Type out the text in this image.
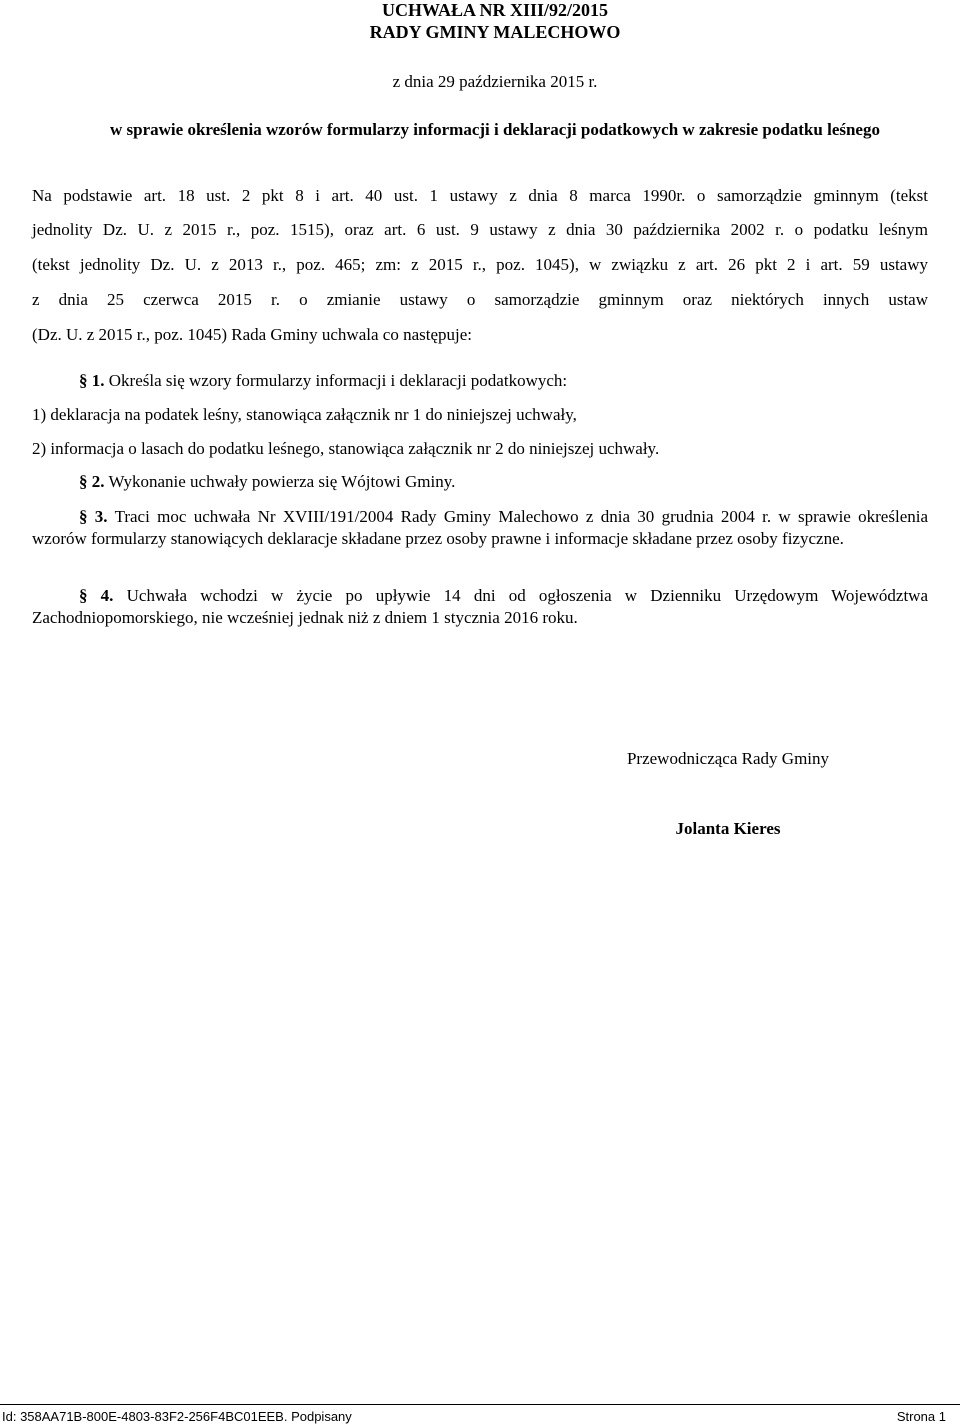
UCHWAŁA NR XIII/92/2015
RADY GMINY MALECHOWO
z dnia 29 października 2015 r.
w sprawie określenia wzorów formularzy informacji i deklaracji podatkowych w zakresie podatku leśnego
Na podstawie art. 18 ust. 2 pkt 8 i art. 40 ust. 1 ustawy z dnia 8 marca 1990r. o samorządzie gminnym (tekst
jednolity Dz. U. z 2015 r., poz. 1515), oraz art. 6 ust. 9 ustawy z dnia 30 października 2002 r. o podatku leśnym
(tekst jednolity Dz. U. z 2013 r., poz. 465; zm: z 2015 r., poz. 1045), w związku z art. 26 pkt 2 i art. 59 ustawy
z dnia 25 czerwca 2015 r. o zmianie ustawy o samorządzie gminnym oraz niektórych innych ustaw
(Dz. U. z 2015 r., poz. 1045) Rada Gminy uchwala co następuje:
§ 1. Określa się wzory formularzy informacji i deklaracji podatkowych:
1) deklaracja na podatek leśny, stanowiąca załącznik nr 1 do niniejszej uchwały,
2) informacja o lasach do podatku leśnego, stanowiąca załącznik nr 2 do niniejszej uchwały.
§ 2. Wykonanie uchwały powierza się Wójtowi Gminy.

§ 3. Traci moc uchwała Nr XVIII/191/2004 Rady Gminy Malechowo z dnia 30 grudnia 2004 r. w sprawie określenia wzorów formularzy stanowiących deklaracje składane przez osoby prawne i informacje składane przez osoby fizyczne.

§ 4. Uchwała wchodzi w życie po upływie 14 dni od ogłoszenia w Dzienniku Urzędowym Województwa Zachodniopomorskiego, nie wcześniej jednak niż z dniem 1 stycznia 2016 roku.

Przewodnicząca Rady Gminy
Jolanta Kieres
Id: 358AA71B-800E-4803-83F2-256F4BC01EEB. Podpisany	Strona 1
